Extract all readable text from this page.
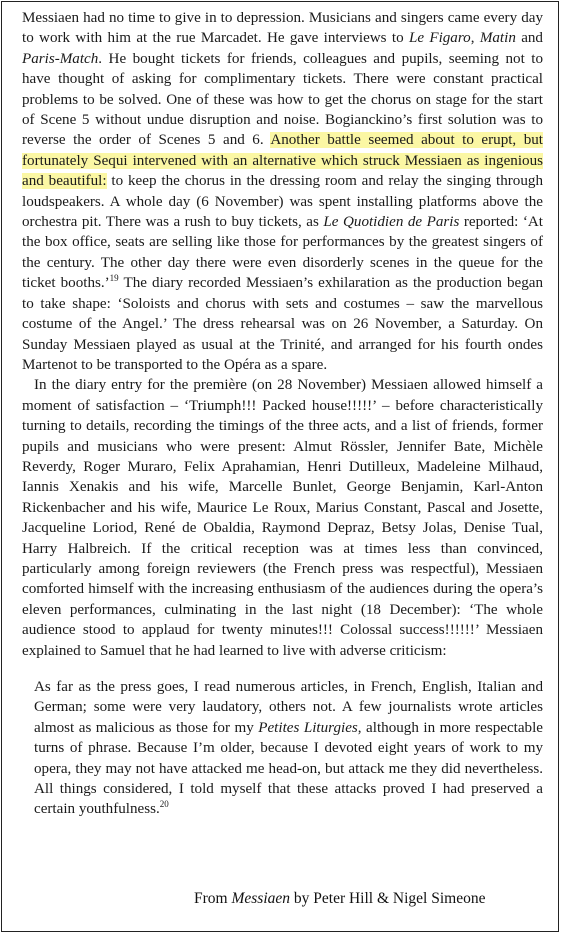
Messiaen had no time to give in to depression. Musicians and singers came every day to work with him at the rue Marcadet. He gave interviews to Le Figaro, Matin and Paris-Match. He bought tickets for friends, colleagues and pupils, seeming not to have thought of asking for complimentary tickets. There were constant practical problems to be solved. One of these was how to get the chorus on stage for the start of Scene 5 without undue disruption and noise. Bogianckino’s first solution was to reverse the order of Scenes 5 and 6. Another battle seemed about to erupt, but fortunately Sequi intervened with an alternative which struck Messiaen as ingenious and beautiful: to keep the chorus in the dressing room and relay the singing through loudspeakers. A whole day (6 November) was spent installing platforms above the orchestra pit. There was a rush to buy tickets, as Le Quotidien de Paris reported: ‘At the box office, seats are selling like those for performances by the greatest singers of the century. The other day there were even disorderly scenes in the queue for the ticket booths.’$^{19}$ The diary recorded Messiaen’s exhilaration as the production began to take shape: ‘Soloists and chorus with sets and costumes – saw the marvellous costume of the Angel.’ The dress rehearsal was on 26 November, a Saturday. On Sunday Messiaen played as usual at the Trinité, and arranged for his fourth ondes Martenot to be transported to the Opéra as a spare.

In the diary entry for the première (on 28 November) Messiaen allowed himself a moment of satisfaction – ‘Triumph!!! Packed house!!!!!’ – before characteristically turning to details, recording the timings of the three acts, and a list of friends, former pupils and musicians who were present: Almut Rössler, Jennifer Bate, Michèle Reverdy, Roger Muraro, Felix Aprahamian, Henri Dutilleux, Madeleine Milhaud, Iannis Xenakis and his wife, Marcelle Bunlet, George Benjamin, Karl-Anton Rickenbacher and his wife, Maurice Le Roux, Marius Constant, Pascal and Josette, Jacqueline Loriod, René de Obaldia, Raymond Depraz, Betsy Jolas, Denise Tual, Harry Halbreich. If the critical reception was at times less than convinced, particularly among foreign reviewers (the French press was respectful), Messiaen comforted himself with the increasing enthusiasm of the audiences during the opera’s eleven performances, culminating in the last night (18 December): ‘The whole audience stood to applaud for twenty minutes!!! Colossal success!!!!!!’ Messiaen explained to Samuel that he had learned to live with adverse criticism:

As far as the press goes, I read numerous articles, in French, English, Italian and German; some were very laudatory, others not. A few journalists wrote articles almost as malicious as those for my Petites Liturgies, although in more respectable turns of phrase. Because I’m older, because I devoted eight years of work to my opera, they may not have attacked me head-on, but attack me they did nevertheless. All things considered, I told myself that these attacks proved I had preserved a certain youthfulness.$^{20}$

From Messiaen by Peter Hill & Nigel Simeone
